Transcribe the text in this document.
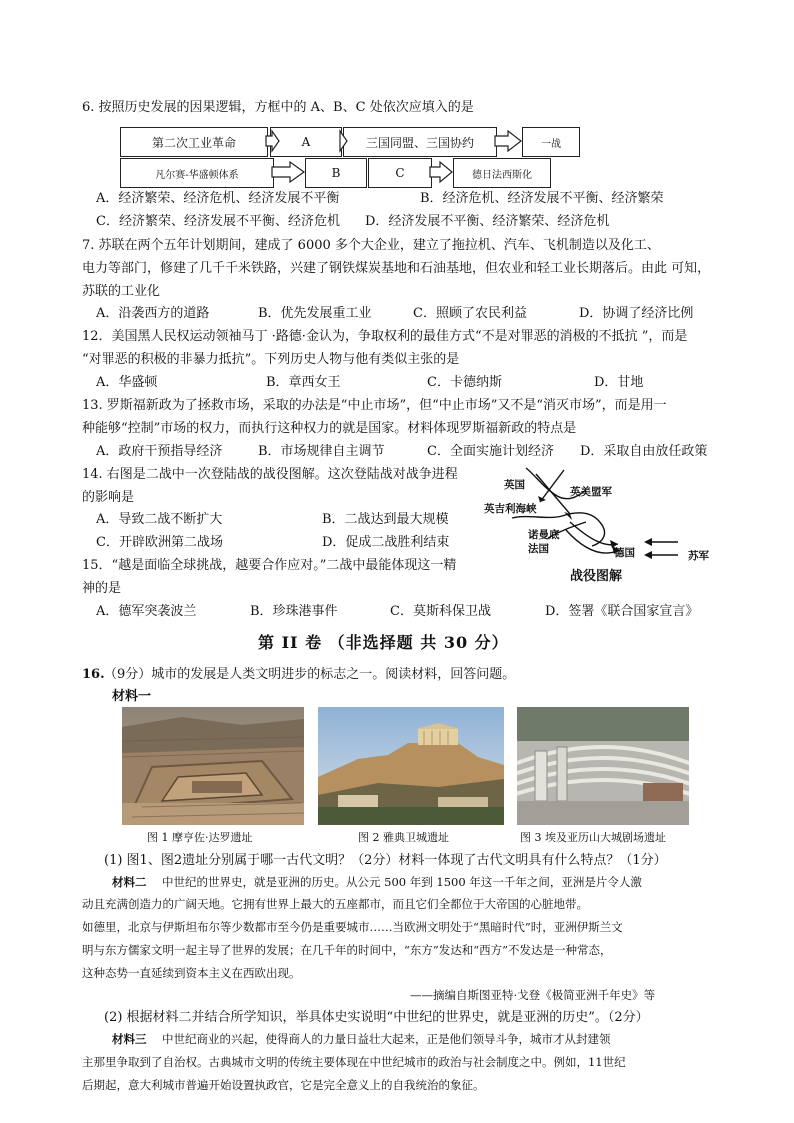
6. 按照历史发展的因果逻辑，方框中的 A、B、C 处依次应填入的是
第二次工业革命	A	三国同盟、三国协约	一战
凡尔赛-华盛顿体系	B	C	德日法西斯化
A．经济繁荣、经济危机、经济发展不平衡	B．经济危机、经济发展不平衡、经济繁荣
C．经济繁荣、经济发展不平衡、经济危机 D．经济发展不平衡、经济繁荣、经济危机
7. 苏联在两个五年计划期间，建成了 6000 多个大企业，建立了拖拉机、汽车、飞机制造以及化工、
电力等部门，修建了几千千米铁路，兴建了钢铁煤炭基地和石油基地，但农业和轻工业长期落后。由此 可知，
苏联的工业化
A．沿袭西方的道路	B．优先发展重工业	C．照顾了农民利益	D．协调了经济比例
12．美国黑人民权运动领袖马丁 ·路德·金认为，争取权利的最佳方式“不是对罪恶的消极的不抵抗 ”，而是
“对罪恶的积极的非暴力抵抗”。下列历史人物与他有类似主张的是
A．华盛顿	B．章西女王	C．卡德纳斯	D．甘地
13. 罗斯福新政为了拯救市场，采取的办法是“中止市场”，但“中止市场”又不是“消灭市场”，而是用一
种能够“控制”市场的权力，而执行这种权力的就是国家。材料体现罗斯福新政的特点是
A．政府干预指导经济	B．市场规律自主调节	C．全面实施计划经济 D．采取自由放任政策
14. 右图是二战中一次登陆战的战役图解。这次登陆战对战争进程
的影响是
A．导致二战不断扩大	B．二战达到最大规模
C．开辟欧洲第二战场	D．促成二战胜利结束
英国
英美盟军
英吉利海峡
诺曼底
法国	德国	苏军
战役图解
15．“越是面临全球挑战，越要合作应对。”二战中最能体现这一精
神的是
A．德军突袭波兰	B．珍珠港事件	C．莫斯科保卫战	D．签署《联合国家宣言》
第 II 卷 （非选择题 共 30 分）
16. （9分）城市的发展是人类文明进步的标志之一。阅读材料，回答问题。
材料一
图 1 摩亨佐·达罗遗址	图 2 雅典卫城遗址	图 3 埃及亚历山大城剧场遗址
(1) 图1、图2遗址分别属于哪一古代文明？（2分）材料一体现了古代文明具有什么特点？（1分）
材料二 中世纪的世界史，就是亚洲的历史。从公元 500 年到 1500 年这一千年之间，亚洲是片令人激
动且充满创造力的广阔天地。它拥有世界上最大的五座都市，而且它们全都位于大帝国的心脏地带。
如德里，北京与伊斯坦布尔等少数都市至今仍是重要城市……当欧洲文明处于“黑暗时代”时，亚洲伊斯兰文
明与东方儒家文明一起主导了世界的发展；在几千年的时间中，“东方”发达和“西方”不发达是一种常态，
这种态势一直延续到资本主义在西欧出现。
——摘编自斯图亚特·戈登《极简亚洲千年史》等
(2) 根据材料二并结合所学知识，举具体史实说明“中世纪的世界史，就是亚洲的历史”。（2分）
材料三 中世纪商业的兴起，使得商人的力量日益壮大起来，正是他们领导斗争，城市才从封建领
主那里争取到了自治权。古典城市文明的传统主要体现在中世纪城市的政治与社会制度之中。例如，11世纪
后期起，意大利城市普遍开始设置执政官，它是完全意义上的自我统治的象征。
